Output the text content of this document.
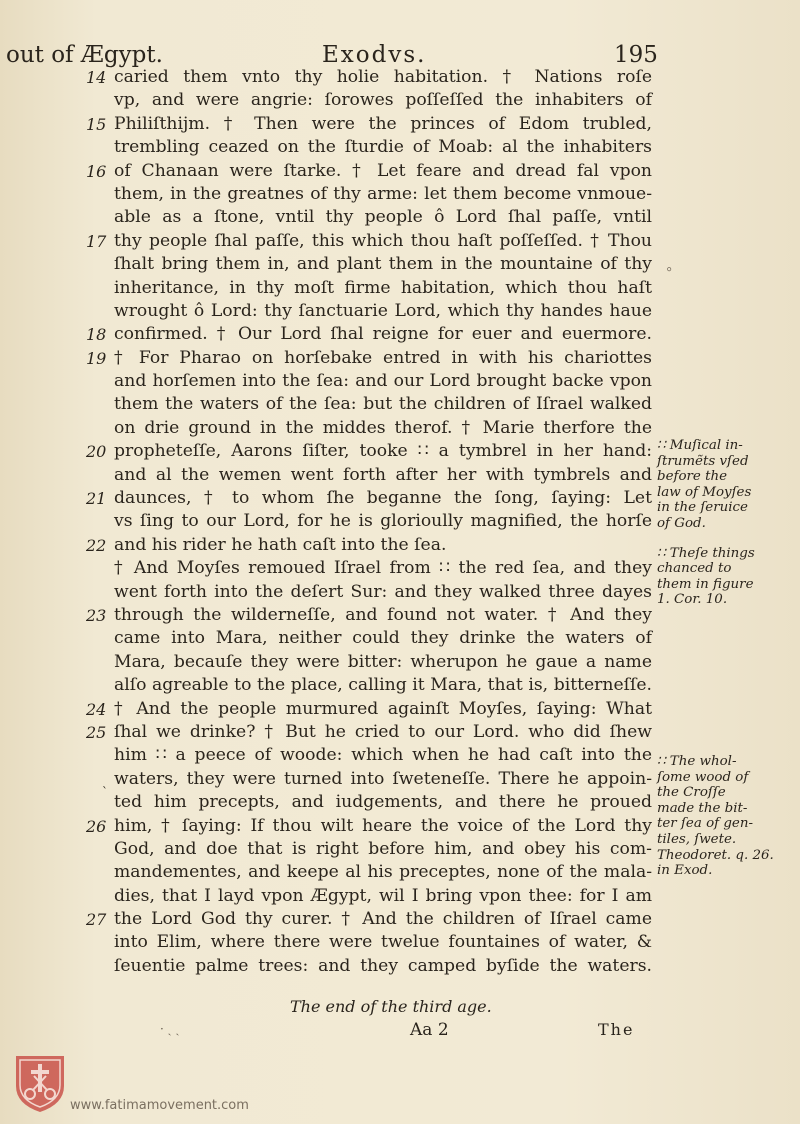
out of Ægypt.	Exodvs.	195
14 caried them vnto thy holie habitation. † Nations roſe
vp, and were angrie: ſorowes poſſeſſed the inhabiters of
15 Philiſthijm. † Then were the princes of Edom trubled,
trembling ceazed on the ſturdie of Moab: al the inhabiters
16 of Chanaan were ſtarke. † Let feare and dread fal vpon
them, in the greatnes of thy arme: let them become vnmoue-
able as a ſtone, vntil thy people ô Lord ſhal paſſe, vntil
17 thy people ſhal paſſe, this which thou haſt poſſeſſed. † Thou
ſhalt bring them in, and plant them in the mountaine of thy
inheritance, in thy moſt firme habitation, which thou haſt
wrought ô Lord: thy ſanctuarie Lord, which thy handes haue
18 confirmed. † Our Lord ſhal reigne for euer and euermore.
19 † For Pharao on horſebake entred in with his chariottes
and horſemen into the ſea: and our Lord brought backe vpon
them the waters of the ſea: but the children of Iſrael walked
on drie ground in the middes therof. † Marie therfore the
20 propheteſſe, Aarons ſiſter, tooke ∷ a tymbrel in her hand:
and al the wemen went forth after her with tymbrels and
21 daunces, † to whom ſhe beganne the ſong, ſaying: Let
vs ſing to our Lord, for he is glorioully magnified, the horſe
22 and his rider he hath caſt into the ſea.
† And Moyſes remoued Iſrael from ∷ the red ſea, and they
went forth into the deſert Sur: and they walked three dayes
23 through the wilderneſſe, and found not water. † And they
came into Mara, neither could they drinke the waters of
Mara, becauſe they were bitter: wherupon he gaue a name
alſo agreable to the place, calling it Mara, that is, bitterneſſe.
24 † And the people murmured againſt Moyſes, ſaying: What
25 ſhal we drinke? † But he cried to our Lord. who did ſhew
him ∷ a peece of woode: which when he had caſt into the
waters, they were turned into ſweteneſſe. There he appoin-
ted him precepts, and iudgements, and there he proued
26 him, † ſaying: If thou wilt heare the voice of the Lord thy
God, and doe that is right before him, and obey his com-
mandementes, and keepe al his preceptes, none of the mala-
dies, that I layd vpon Ægypt, wil I bring vpon thee: for I am
27 the Lord God thy curer. † And the children of Iſrael came
into Elim, where there were twelue fountaines of water, &
ſeuentie palme trees: and they camped byſide the waters.
∷ Muſical in-
ſtrumẽts vſed
before the
law of Moyſes
in the ſeruice
of God.
∷ Theſe things
chanced to
them in figure
1. Cor. 10.
∷ The whol-
ſome wood of
the Croſſe
made the bit-
ter ſea of gen-
tiles, ſwete.
Theodoret. q. 26.
in Exod.
⸰
ˋ
The end of the third age.
· ˏ ˏ	Aa 2	The
www.fatimamovement.com
